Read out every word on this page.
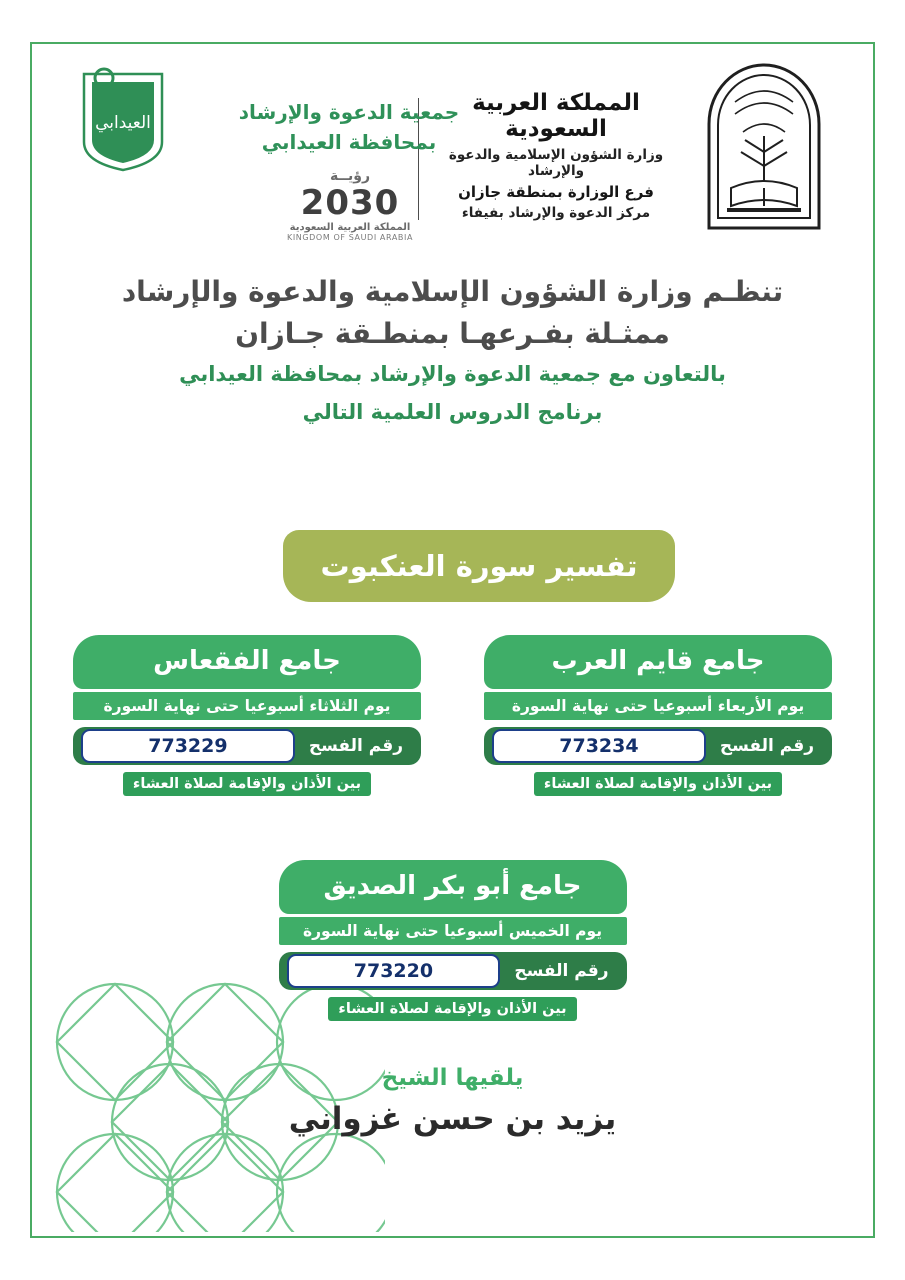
المملكة العربية السعودية
وزارة الشؤون الإسلامية والدعوة والإرشاد
فرع الوزارة بمنطقة جازان
مركز الدعوة والإرشاد بفيفاء
جمعية الدعوة والإرشاد
بمحافظة العيدابي
رؤيــة
2030
المملكة العربية السعودية
KINGDOM OF SAUDI ARABIA
العيدابي
تنظـم وزارة الشؤون الإسلامية والدعوة والإرشاد
ممثـلة بفـرعهـا بمنطـقة جـازان
بالتعاون مع جمعية الدعوة والإرشاد بمحافظة العيدابي
برنامج الدروس العلمية التالي
تفسير سورة العنكبوت
جامع قايم العرب
يوم الأربعاء أسبوعيا حتى نهاية السورة
رقم الفسح
773234
بين الأذان والإقامة لصلاة العشاء
جامع الفقعاس
يوم الثلاثاء أسبوعيا حتى نهاية السورة
رقم الفسح
773229
بين الأذان والإقامة لصلاة العشاء
جامع أبو بكر الصديق
يوم الخميس أسبوعيا حتى نهاية السورة
رقم الفسح
773220
بين الأذان والإقامة لصلاة العشاء
يلقيها الشيخ
يزيد بن حسن غزواني
